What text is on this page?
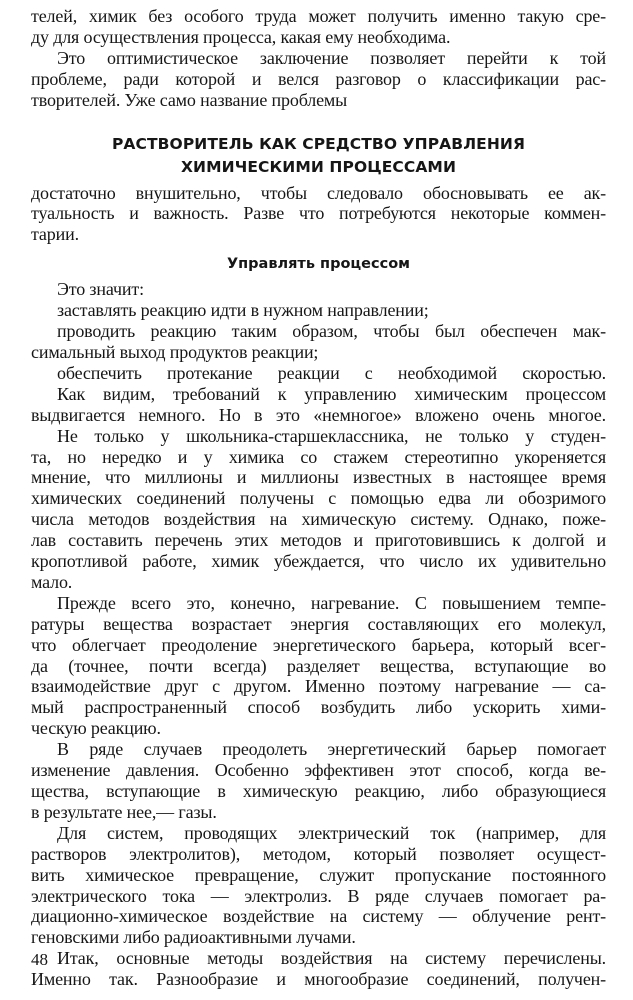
телей, химик без особого труда может получить именно такую сре-
ду для осуществления процесса, какая ему необходима.
Это оптимистическое заключение позволяет перейти к той
проблеме, ради которой и велся разговор о классификации рас-
творителей. Уже само название проблемы
РАСТВОРИТЕЛЬ КАК СРЕДСТВО УПРАВЛЕНИЯ
ХИМИЧЕСКИМИ ПРОЦЕССАМИ
достаточно внушительно, чтобы следовало обосновывать ее ак-
туальность и важность. Разве что потребуются некоторые коммен-
тарии.
Управлять процессом
Это значит:
заставлять реакцию идти в нужном направлении;
проводить реакцию таким образом, чтобы был обеспечен мак-
симальный выход продуктов реакции;
обеспечить протекание реакции с необходимой скоростью.
Как видим, требований к управлению химическим процессом
выдвигается немного. Но в это «немногое» вложено очень многое.
Не только у школьника-старшеклассника, не только у студен-
та, но нередко и у химика со стажем стереотипно укореняется
мнение, что миллионы и миллионы известных в настоящее время
химических соединений получены с помощью едва ли обозримого
числа методов воздействия на химическую систему. Однако, поже-
лав составить перечень этих методов и приготовившись к долгой и
кропотливой работе, химик убеждается, что число их удивительно
мало.
Прежде всего это, конечно, нагревание. С повышением темпе-
ратуры вещества возрастает энергия составляющих его молекул,
что облегчает преодоление энергетического барьера, который всег-
да (точнее, почти всегда) разделяет вещества, вступающие во
взаимодействие друг с другом. Именно поэтому нагревание — са-
мый распространенный способ возбудить либо ускорить хими-
ческую реакцию.
В ряде случаев преодолеть энергетический барьер помогает
изменение давления. Особенно эффективен этот способ, когда ве-
щества, вступающие в химическую реакцию, либо образующиеся
в результате нее,— газы.
Для систем, проводящих электрический ток (например, для
растворов электролитов), методом, который позволяет осущест-
вить химическое превращение, служит пропускание постоянного
электрического тока — электролиз. В ряде случаев помогает ра-
диационно-химическое воздействие на систему — облучение рент-
геновскими либо радиоактивными лучами.
Итак, основные методы воздействия на систему перечислены.
Именно так. Разнообразие и многообразие соединений, получен-
48
